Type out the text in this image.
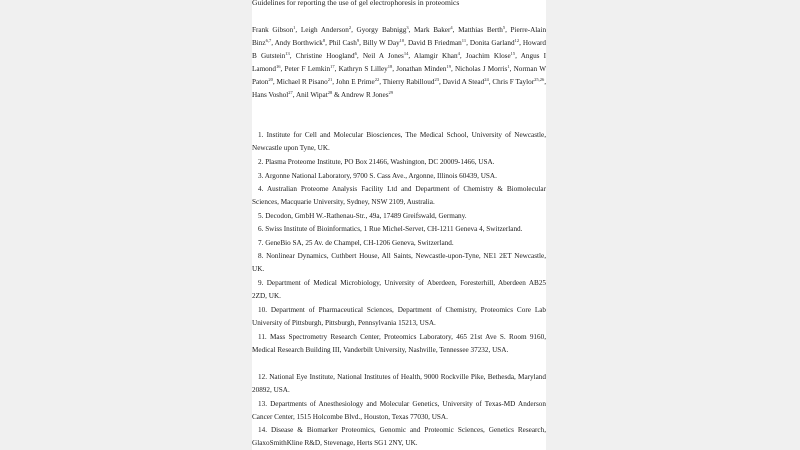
Guidelines for reporting the use of gel electrophoresis in proteomics
Frank Gibson$^1$, Leigh Anderson$^2$, Gyorgy Babnigg$^3$, Mark Baker$^4$, Matthias Berth$^5$, Pierre-Alain Binz$^{6,7}$, Andy Borthwick$^8$, Phil Cash$^9$, Billy W Day$^{10}$, David B Friedman$^{11}$, Donita Garland$^{12}$, Howard B Gutstein$^{13}$, Christine Hoogland$^6$, Neil A Jones$^{14}$, Alamgir Khan$^4$, Joachim Klose$^{15}$, Angus I Lamond$^{16}$, Peter F Lemkin$^{17}$, Kathryn S Lilley$^{18}$, Jonathan Minden$^{19}$, Nicholas J Morris$^1$, Norman W Paton$^{20}$, Michael R Pisano$^{21}$, John E Prime$^{22}$, Thierry Rabilloud$^{23}$, David A Stead$^{24}$, Chris F Taylor$^{25,26}$, Hans Voshol$^{27}$, Anil Wipat$^{28}$ & Andrew R Jones$^{29}$
1. Institute for Cell and Molecular Biosciences, The Medical School, University of Newcastle, Newcastle upon Tyne, UK.
2. Plasma Proteome Institute, PO Box 21466, Washington, DC 20009-1466, USA.
3. Argonne National Laboratory, 9700 S. Cass Ave., Argonne, Illinois 60439, USA.
4. Australian Proteome Analysis Facility Ltd and Department of Chemistry & Biomolecular Sciences, Macquarie University, Sydney, NSW 2109, Australia.
5. Decodon, GmbH W.-Rathenau-Str., 49a, 17489 Greifswald, Germany.
6. Swiss Institute of Bioinformatics, 1 Rue Michel-Servet, CH-1211 Geneva 4, Switzerland.
7. GeneBio SA, 25 Av. de Champel, CH-1206 Geneva, Switzerland.
8. Nonlinear Dynamics, Cuthbert House, All Saints, Newcastle-upon-Tyne, NE1 2ET Newcastle, UK.
9. Department of Medical Microbiology, University of Aberdeen, Foresterhill, Aberdeen AB25 2ZD, UK.
10. Department of Pharmaceutical Sciences, Department of Chemistry, Proteomics Core Lab University of Pittsburgh, Pittsburgh, Pennsylvania 15213, USA.
11. Mass Spectrometry Research Center, Proteomics Laboratory, 465 21st Ave S. Room 9160, Medical Research Building III, Vanderbilt University, Nashville, Tennessee 37232, USA.
12. National Eye Institute, National Institutes of Health, 9000 Rockville Pike, Bethesda, Maryland 20892, USA.
13. Departments of Anesthesiology and Molecular Genetics, University of Texas-MD Anderson Cancer Center, 1515 Holcombe Blvd., Houston, Texas 77030, USA.
14. Disease & Biomarker Proteomics, Genomic and Proteomic Sciences, Genetics Research, GlaxoSmithKline R&D, Stevenage, Herts SG1 2NY, UK.
